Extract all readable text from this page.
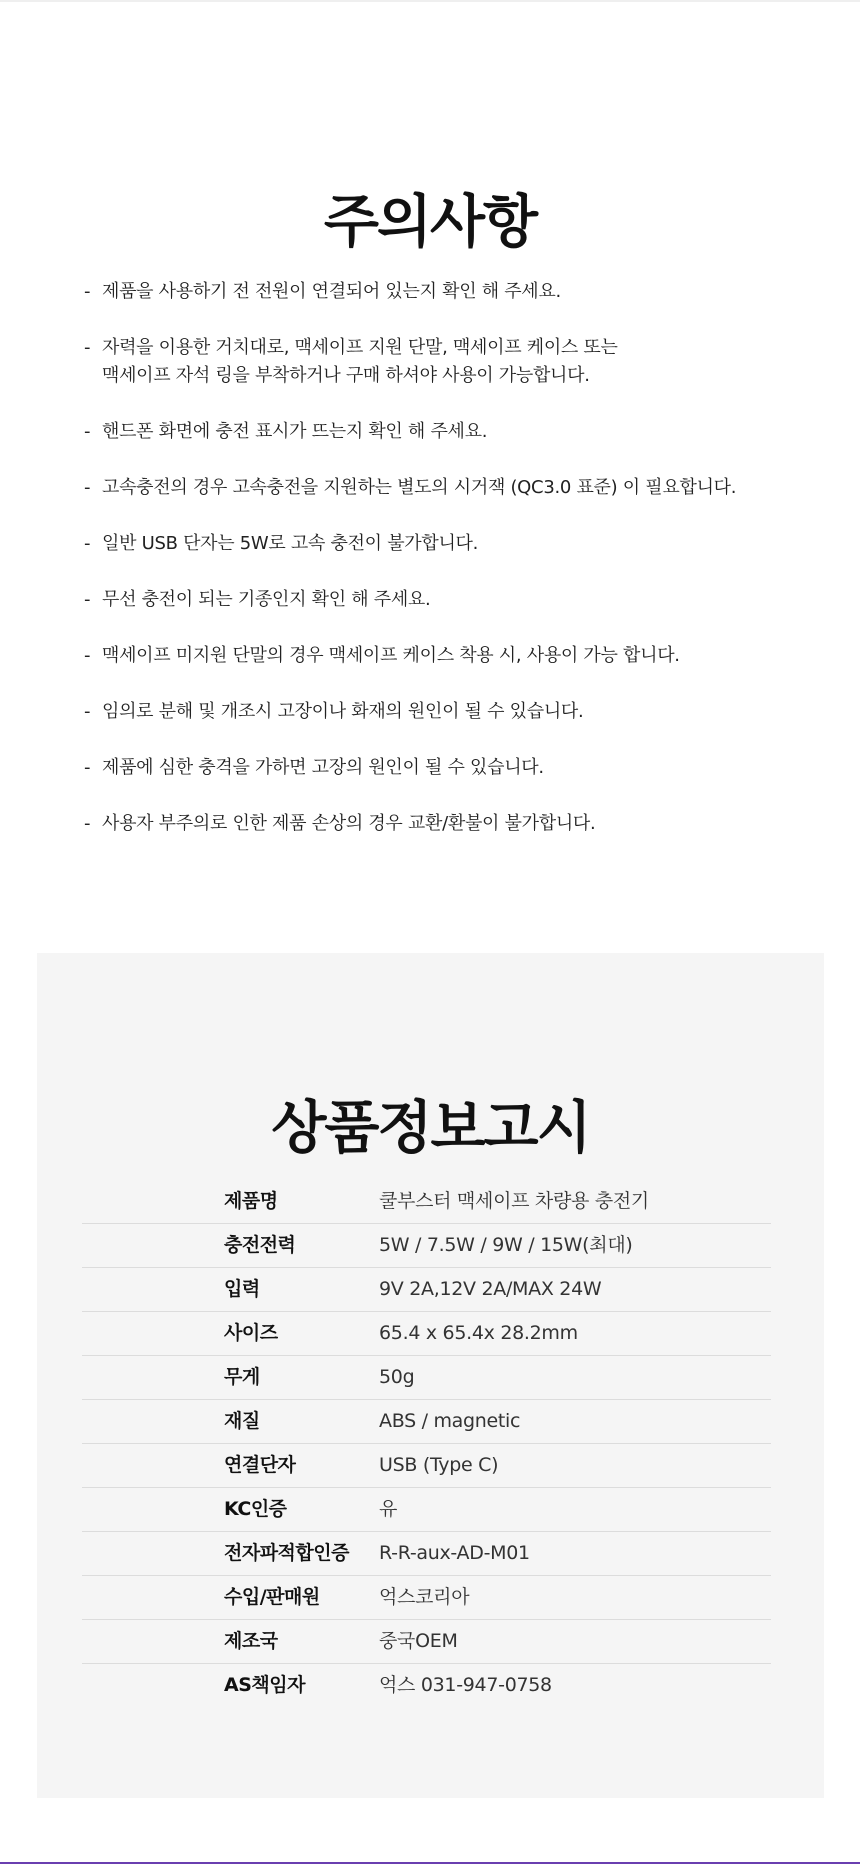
주의사항
- 제품을 사용하기 전 전원이 연결되어 있는지 확인 해 주세요.
- 자력을 이용한 거치대로, 맥세이프 지원 단말, 맥세이프 케이스 또는
맥세이프 자석 링을 부착하거나 구매 하셔야 사용이 가능합니다.
- 핸드폰 화면에 충전 표시가 뜨는지 확인 해 주세요.
- 고속충전의 경우 고속충전을 지원하는 별도의 시거잭 (QC3.0 표준) 이 필요합니다.
- 일반 USB 단자는 5W로 고속 충전이 불가합니다.
- 무선 충전이 되는 기종인지 확인 해 주세요.
- 맥세이프 미지원 단말의 경우 맥세이프 케이스 착용 시, 사용이 가능 합니다.
- 임의로 분해 및 개조시 고장이나 화재의 원인이 될 수 있습니다.
- 제품에 심한 충격을 가하면 고장의 원인이 될 수 있습니다.
- 사용자 부주의로 인한 제품 손상의 경우 교환/환불이 불가합니다.
상품정보고시
제품명	쿨부스터 맥세이프 차량용 충전기
충전전력	5W / 7.5W / 9W / 15W(최대)
입력	9V 2A,12V 2A/MAX 24W
사이즈	65.4 x 65.4x 28.2mm
무게	50g
재질	ABS / magnetic
연결단자	USB (Type C)
KC인증	유
전자파적합인증 R-R-aux-AD-M01
수입/판매원	억스코리아
제조국	중국OEM
AS책임자	억스 031-947-0758
